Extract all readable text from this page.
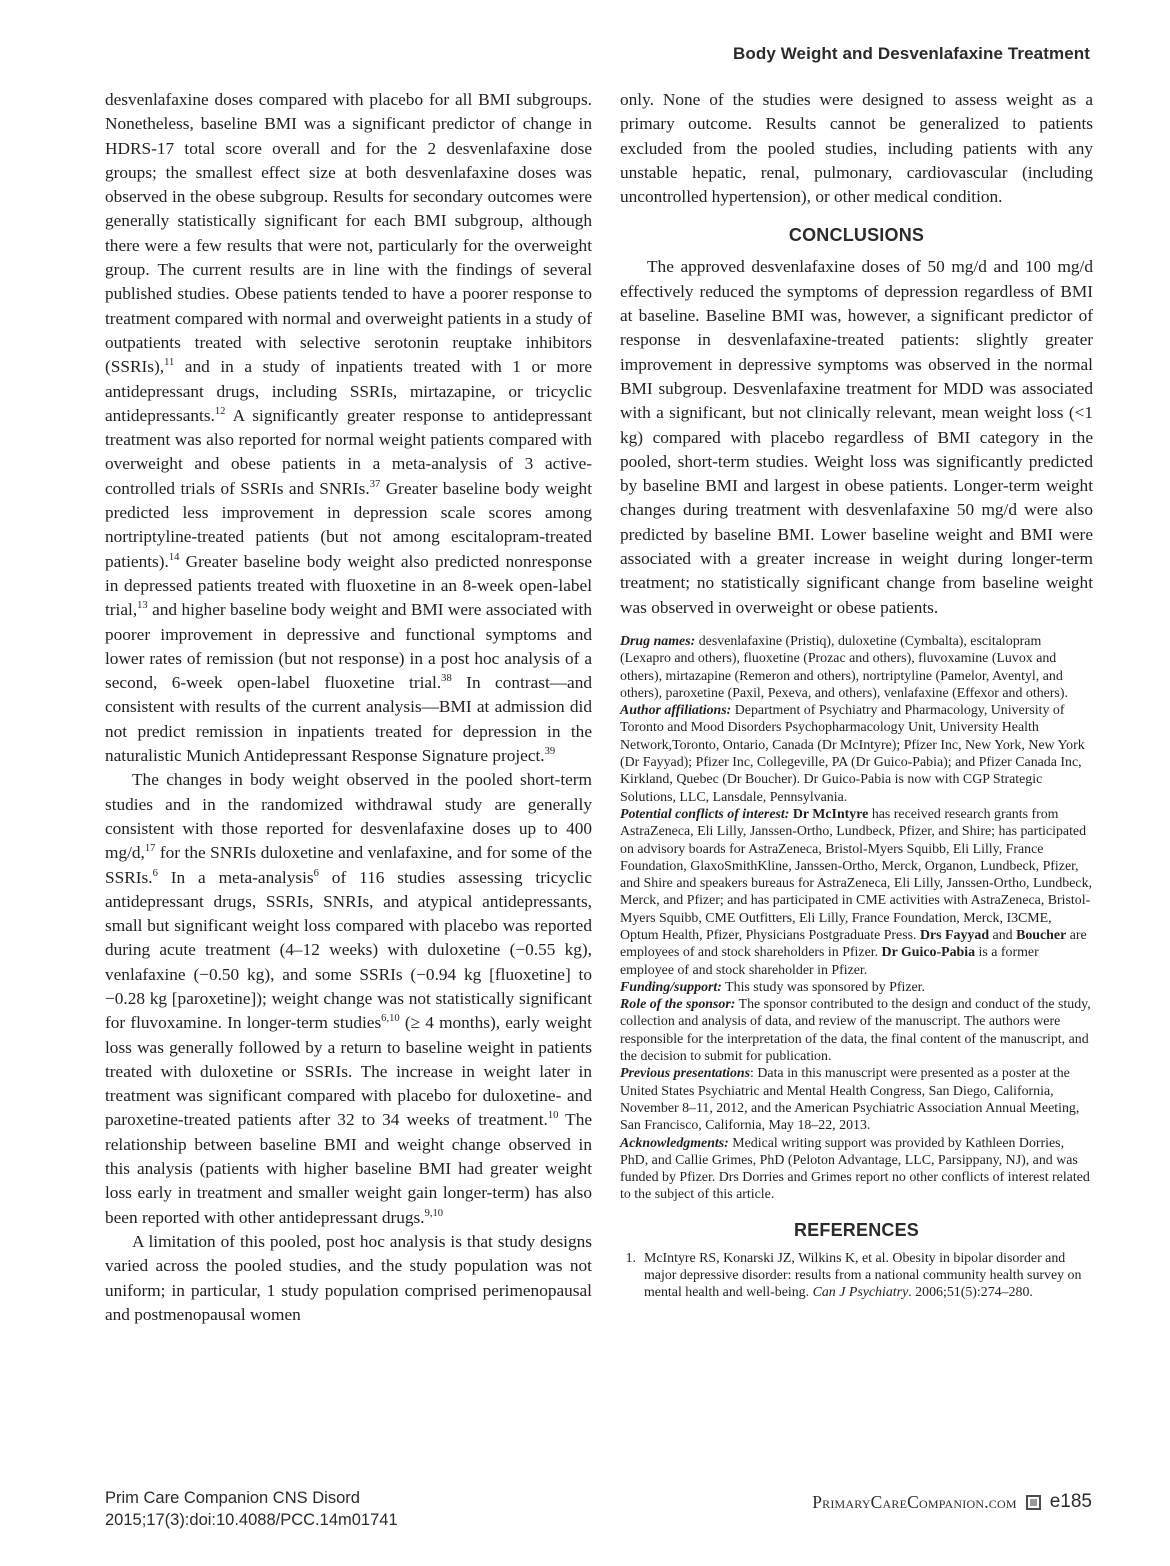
Body Weight and Desvenlafaxine Treatment

desvenlafaxine doses compared with placebo for all BMI subgroups. Nonetheless, baseline BMI was a significant predictor of change in HDRS-17 total score overall and for the 2 desvenlafaxine dose groups; the smallest effect size at both desvenlafaxine doses was observed in the obese subgroup. Results for secondary outcomes were generally statistically significant for each BMI subgroup, although there were a few results that were not, particularly for the overweight group. The current results are in line with the findings of several published studies. Obese patients tended to have a poorer response to treatment compared with normal and overweight patients in a study of outpatients treated with selective serotonin reuptake inhibitors (SSRIs),$^{11}$ and in a study of inpatients treated with 1 or more antidepressant drugs, including SSRIs, mirtazapine, or tricyclic antidepressants.$^{12}$ A significantly greater response to antidepressant treatment was also reported for normal weight patients compared with overweight and obese patients in a meta-analysis of 3 active-controlled trials of SSRIs and SNRIs.$^{37}$ Greater baseline body weight predicted less improvement in depression scale scores among nortriptyline-treated patients (but not among escitalopram-treated patients).$^{14}$ Greater baseline body weight also predicted nonresponse in depressed patients treated with fluoxetine in an 8-week open-label trial,$^{13}$ and higher baseline body weight and BMI were associated with poorer improvement in depressive and functional symptoms and lower rates of remission (but not response) in a post hoc analysis of a second, 6-week open-label fluoxetine trial.$^{38}$ In contrast—and consistent with results of the current analysis—BMI at admission did not predict remission in inpatients treated for depression in the naturalistic Munich Antidepressant Response Signature project.$^{39}$

The changes in body weight observed in the pooled short-term studies and in the randomized withdrawal study are generally consistent with those reported for desvenlafaxine doses up to 400 mg/d,$^{17}$ for the SNRIs duloxetine and venlafaxine, and for some of the SSRIs.$^6$ In a meta-analysis$^6$ of 116 studies assessing tricyclic antidepressant drugs, SSRIs, SNRIs, and atypical antidepressants, small but significant weight loss compared with placebo was reported during acute treatment (4–12 weeks) with duloxetine (−0.55 kg), venlafaxine (−0.50 kg), and some SSRIs (−0.94 kg [fluoxetine] to −0.28 kg [paroxetine]); weight change was not statistically significant for fluvoxamine. In longer-term studies$^{6,10}$ (≥ 4 months), early weight loss was generally followed by a return to baseline weight in patients treated with duloxetine or SSRIs. The increase in weight later in treatment was significant compared with placebo for duloxetine- and paroxetine-treated patients after 32 to 34 weeks of treatment.$^{10}$ The relationship between baseline BMI and weight change observed in this analysis (patients with higher baseline BMI had greater weight loss early in treatment and smaller weight gain longer-term) has also been reported with other antidepressant drugs.$^{9,10}$

A limitation of this pooled, post hoc analysis is that study designs varied across the pooled studies, and the study population was not uniform; in particular, 1 study population comprised perimenopausal and postmenopausal women

only. None of the studies were designed to assess weight as a primary outcome. Results cannot be generalized to patients excluded from the pooled studies, including patients with any unstable hepatic, renal, pulmonary, cardiovascular (including uncontrolled hypertension), or other medical condition.

CONCLUSIONS

The approved desvenlafaxine doses of 50 mg/d and 100 mg/d effectively reduced the symptoms of depression regardless of BMI at baseline. Baseline BMI was, however, a significant predictor of response in desvenlafaxine-treated patients: slightly greater improvement in depressive symptoms was observed in the normal BMI subgroup. Desvenlafaxine treatment for MDD was associated with a significant, but not clinically relevant, mean weight loss (<1 kg) compared with placebo regardless of BMI category in the pooled, short-term studies. Weight loss was significantly predicted by baseline BMI and largest in obese patients. Longer-term weight changes during treatment with desvenlafaxine 50 mg/d were also predicted by baseline BMI. Lower baseline weight and BMI were associated with a greater increase in weight during longer-term treatment; no statistically significant change from baseline weight was observed in overweight or obese patients.

Drug names: desvenlafaxine (Pristiq), duloxetine (Cymbalta), escitalopram (Lexapro and others), fluoxetine (Prozac and others), fluvoxamine (Luvox and others), mirtazapine (Remeron and others), nortriptyline (Pamelor, Aventyl, and others), paroxetine (Paxil, Pexeva, and others), venlafaxine (Effexor and others).

Author affiliations: Department of Psychiatry and Pharmacology, University of Toronto and Mood Disorders Psychopharmacology Unit, University Health Network,Toronto, Ontario, Canada (Dr McIntyre); Pfizer Inc, New York, New York (Dr Fayyad); Pfizer Inc, Collegeville, PA (Dr Guico-Pabia); and Pfizer Canada Inc, Kirkland, Quebec (Dr Boucher). Dr Guico-Pabia is now with CGP Strategic Solutions, LLC, Lansdale, Pennsylvania.

Potential conflicts of interest: Dr McIntyre has received research grants from AstraZeneca, Eli Lilly, Janssen-Ortho, Lundbeck, Pfizer, and Shire; has participated on advisory boards for AstraZeneca, Bristol-Myers Squibb, Eli Lilly, France Foundation, GlaxoSmithKline, Janssen-Ortho, Merck, Organon, Lundbeck, Pfizer, and Shire and speakers bureaus for AstraZeneca, Eli Lilly, Janssen-Ortho, Lundbeck, Merck, and Pfizer; and has participated in CME activities with AstraZeneca, Bristol-Myers Squibb, CME Outfitters, Eli Lilly, France Foundation, Merck, I3CME, Optum Health, Pfizer, Physicians Postgraduate Press. Drs Fayyad and Boucher are employees of and stock shareholders in Pfizer. Dr Guico-Pabia is a former employee of and stock shareholder in Pfizer.

Funding/support: This study was sponsored by Pfizer.

Role of the sponsor: The sponsor contributed to the design and conduct of the study, collection and analysis of data, and review of the manuscript. The authors were responsible for the interpretation of the data, the final content of the manuscript, and the decision to submit for publication.

Previous presentations: Data in this manuscript were presented as a poster at the United States Psychiatric and Mental Health Congress, San Diego, California, November 8–11, 2012, and the American Psychiatric Association Annual Meeting, San Francisco, California, May 18–22, 2013.

Acknowledgments: Medical writing support was provided by Kathleen Dorries, PhD, and Callie Grimes, PhD (Peloton Advantage, LLC, Parsippany, NJ), and was funded by Pfizer. Drs Dorries and Grimes report no other conflicts of interest related to the subject of this article.

REFERENCES
1. McIntyre RS, Konarski JZ, Wilkins K, et al. Obesity in bipolar disorder and major depressive disorder: results from a national community health survey on mental health and well-being. Can J Psychiatry. 2006;51(5):274–280.
Prim Care Companion CNS Disord
2015;17(3):doi:10.4088/PCC.14m01741
PrimaryCareCompanion.com e185
